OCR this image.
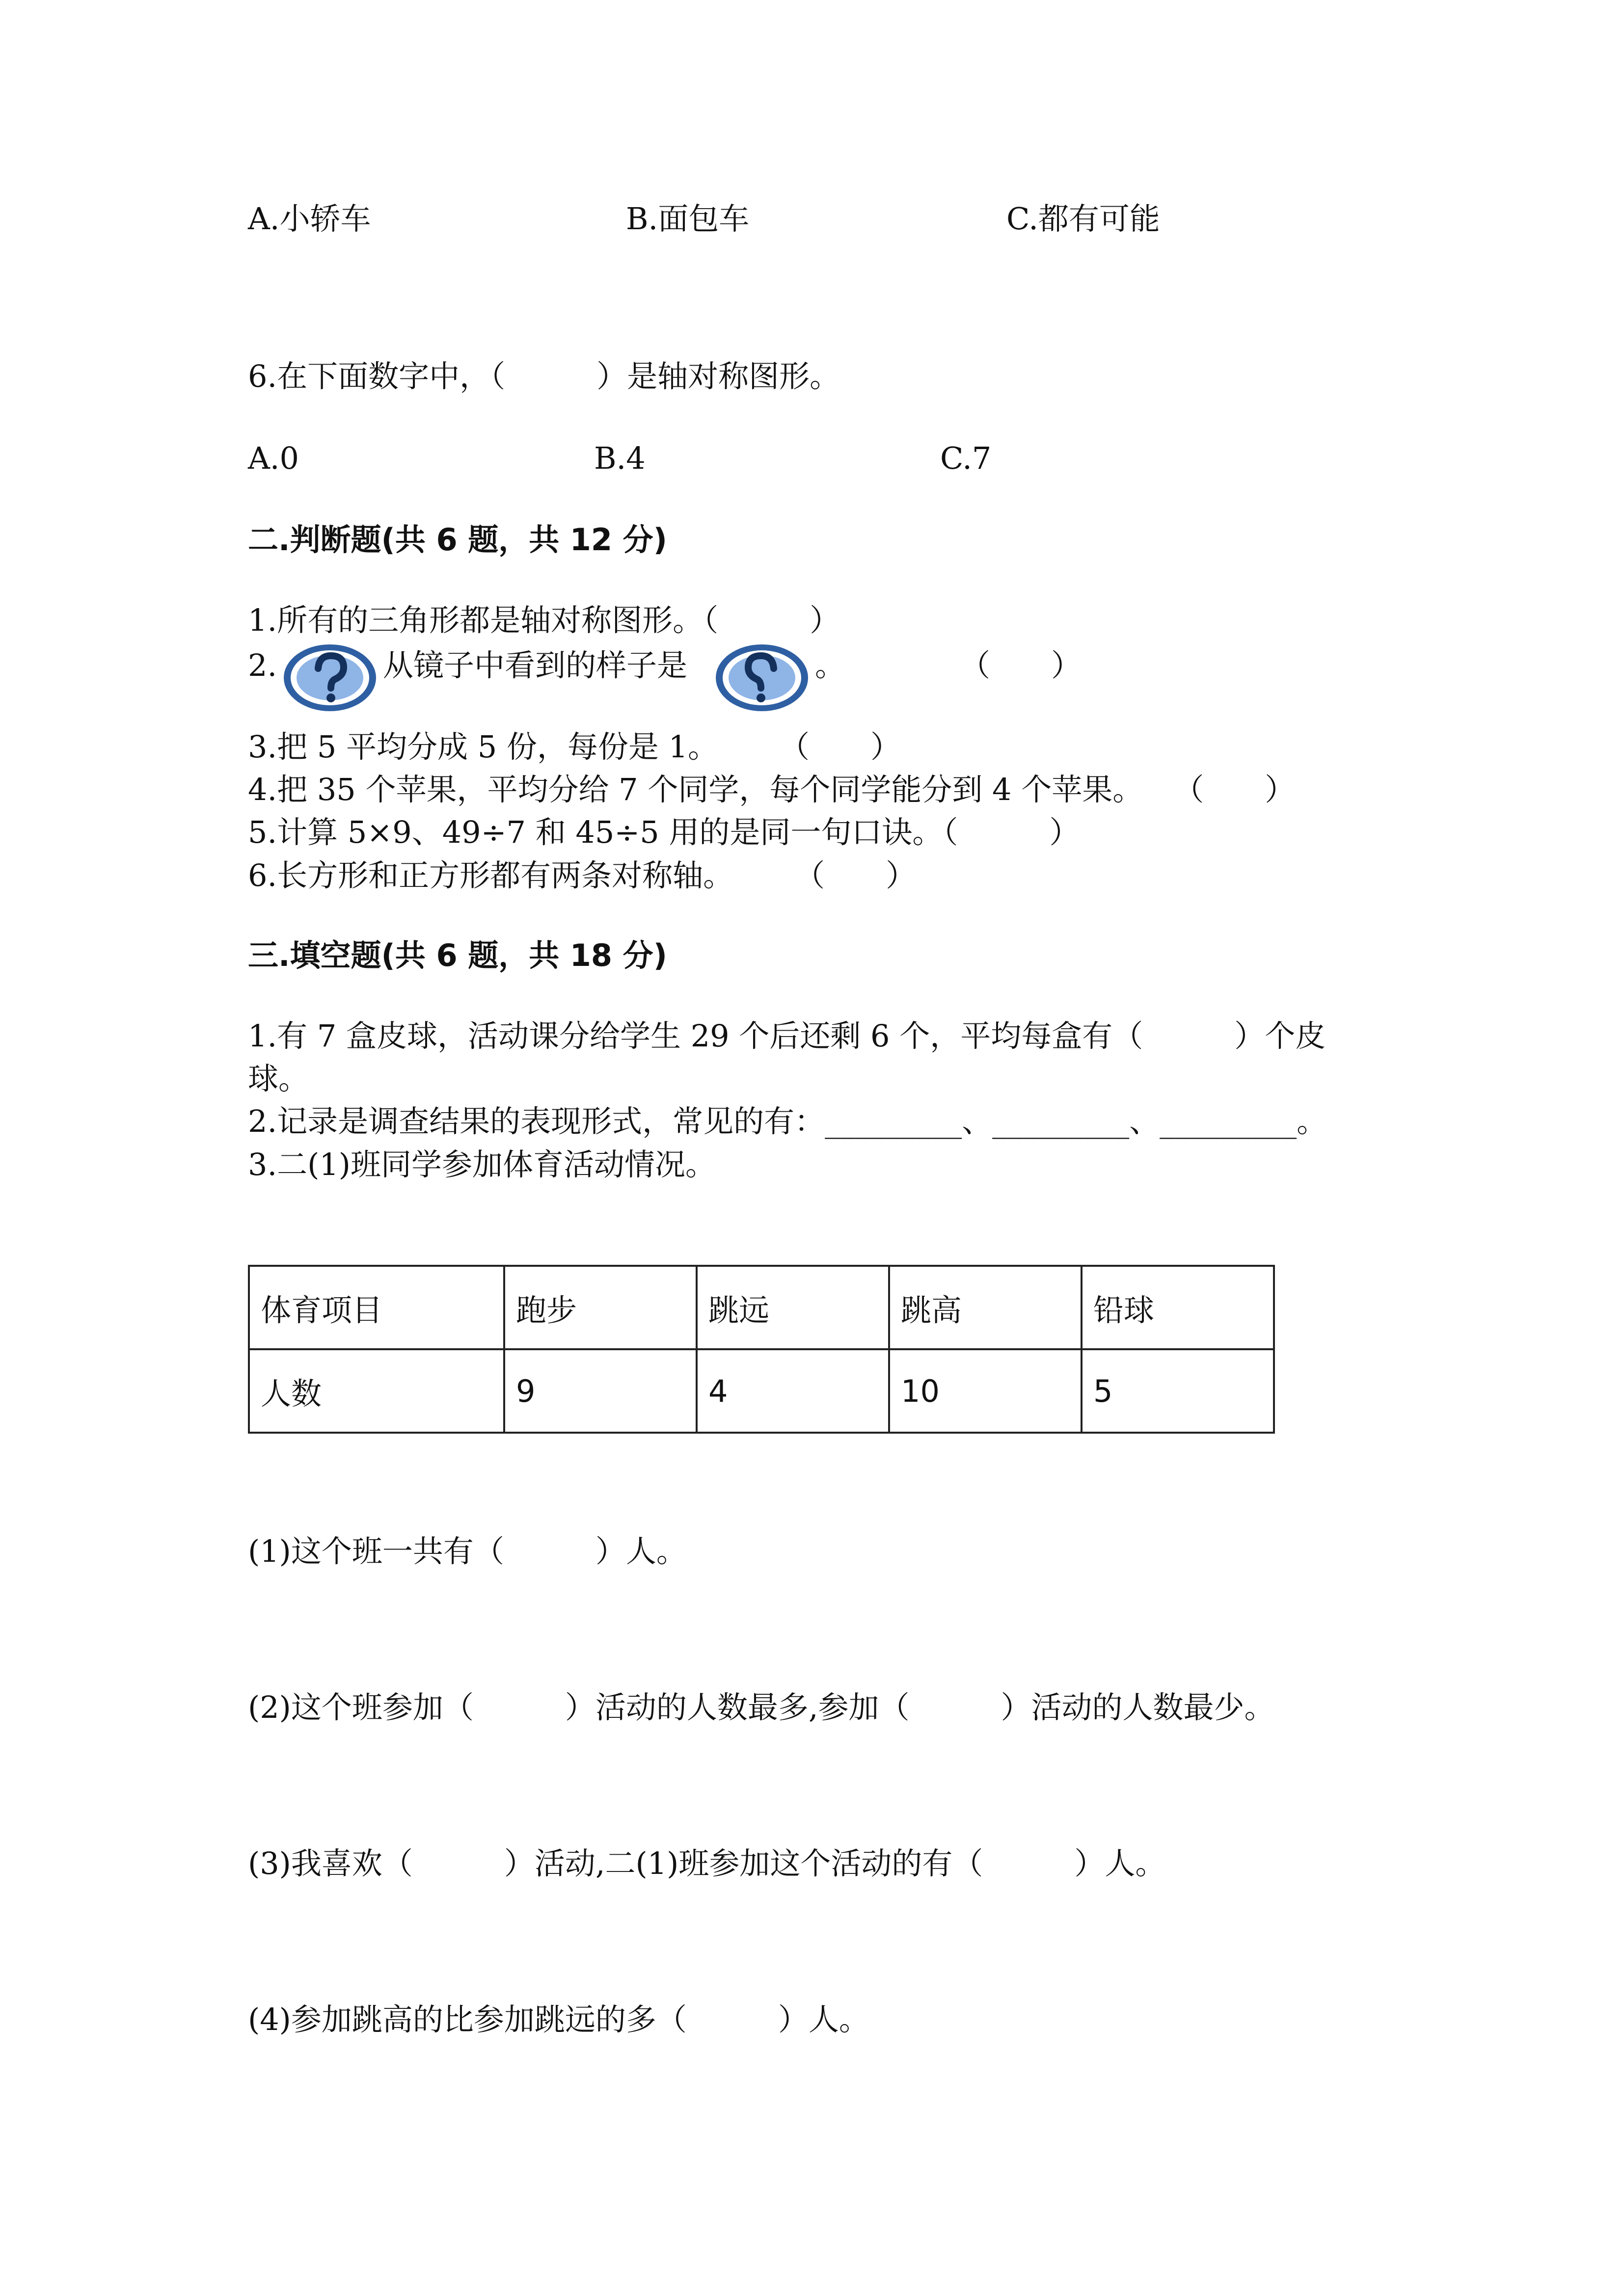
A.小轿车	B.面包车	C.都有可能
6.在下面数字中，（　　　）是轴对称图形。
A.0	B.4	C.7
二.判断题(共 6 题，共 12 分)
1.所有的三角形都是轴对称图形。（　　　）
2.	从镜子中看到的样子是	。	（　　）
3.把 5 平均分成 5 份，每份是 1。　　　（　　）
4.把 35 个苹果，平均分给 7 个同学，每个同学能分到 4 个苹果。　　（　　）
5.计算 5×9、49÷7 和 45÷5 用的是同一句口诀。（　　　）
6.长方形和正方形都有两条对称轴。　　　（　　）
三.填空题(共 6 题，共 18 分)
1.有 7 盒皮球，活动课分给学生 29 个后还剩 6 个，平均每盒有（　　　）个皮
球。
2.记录是调查结果的表现形式，常见的有：_________、_________、_________。
3.二(1)班同学参加体育活动情况。
体育项目	跑步	跳远	跳高	铅球
人数	9	4	10	5
(1)这个班一共有（　　　）人。
(2)这个班参加（　　　）活动的人数最多,参加（　　　）活动的人数最少。
(3)我喜欢（　　　）活动,二(1)班参加这个活动的有（　　　）人。
(4)参加跳高的比参加跳远的多（　　　）人。
